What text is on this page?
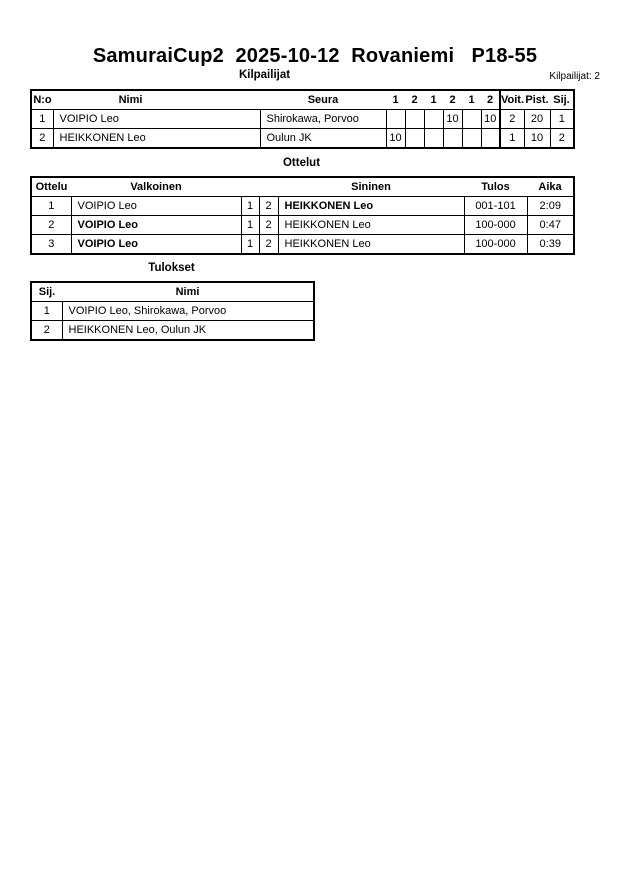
SamuraiCup2  2025-10-12  Rovaniemi   P18-55
Kilpailijat	Kilpailijat: 2
N:o	Nimi	Seura	1	2	1	2	1	2	Voit.	Pist.	Sij.
1	VOIPIO Leo	Shirokawa, Porvoo				10		10	2	20	1
2	HEIKKONEN Leo	Oulun JK	10						1	10	2
Ottelut
Ottelu	Valkoinen			Sininen	Tulos	Aika
1	VOIPIO Leo	1	2	HEIKKONEN Leo	001-101	2:09
2	VOIPIO Leo	1	2	HEIKKONEN Leo	100-000	0:47
3	VOIPIO Leo	1	2	HEIKKONEN Leo	100-000	0:39
Tulokset
Sij.	Nimi
1	VOIPIO Leo, Shirokawa, Porvoo
2	HEIKKONEN Leo, Oulun JK
